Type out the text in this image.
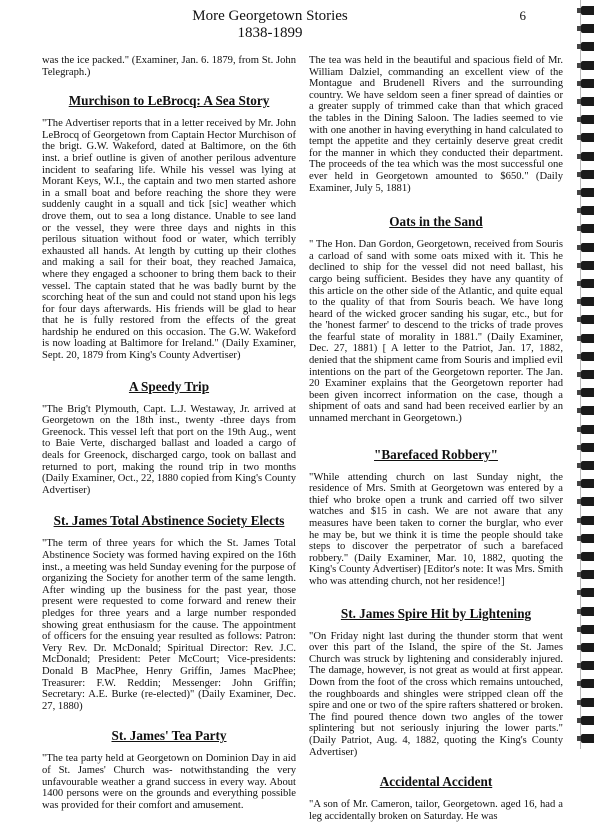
More Georgetown Stories
1838-1899
6

was the ice packed." (Examiner, Jan. 6. 1879, from St. John Telegraph.)

Murchison to LeBrocq: A Sea Story

"The Advertiser reports that in a letter received by Mr. John LeBrocq of Georgetown from Captain Hector Murchison of the brigt. G.W. Wakeford, dated at Baltimore, on the 6th inst. a brief outline is given of another perilous adventure incident to seafaring life. While his vessel was lying at Morant Keys, W.I., the captain and two men started ashore in a small boat and before reaching the shore they were suddenly caught in a squall and tick [sic] weather which drove them, out to sea a long distance. Unable to see land or the vessel, they were three days and nights in this perilous situation without food or water, which terribly exhausted all hands. At length by cutting up their clothes and making a sail for their boat, they reached Jamaica, where they engaged a schooner to bring them back to their vessel. The captain stated that he was badly burnt by the scorching heat of the sun and could not stand upon his legs for four days afterwards. His friends will be glad to hear that he is fully restored from the effects of the great hardship he endured on this occasion. The G.W. Wakeford is now loading at Baltimore for Ireland." (Daily Examiner, Sept. 20, 1879 from King's County Advertiser)

A Speedy Trip

"The Brig't Plymouth, Capt. L.J. Westaway, Jr. arrived at Georgetown on the 18th inst., twenty -three days from Greenock. This vessel left that port on the 19th Aug., went to Baie Verte, discharged ballast and loaded a cargo of deals for Greenock, discharged cargo, took on ballast and returned to port, making the round trip in two months (Daily Examiner, Oct., 22, 1880 copied from King's County Advertiser)

St. James Total Abstinence Society Elects

"The term of three years for which the St. James Total Abstinence Society was formed having expired on the 16th inst., a meeting was held Sunday evening for the purpose of organizing the Society for another term of the same length. After winding up the business for the past year, those present were requested to come forward and renew their pledges for three years and a large number responded showing great enthusiasm for the cause. The appointment of officers for the ensuing year resulted as follows: Patron: Very Rev. Dr. McDonald; Spiritual Director: Rev. J.C. McDonald; President: Peter McCourt; Vice-presidents: Donald B MacPhee, Henry Griffin, James MacPhee; Treasurer: F.W. Reddin; Messenger: John Griffin; Secretary: A.E. Burke (re-elected)" (Daily Examiner, Dec. 27, 1880)

St. James' Tea Party

"The tea party held at Georgetown on Dominion Day in aid of St. James' Church was- notwithstanding the very unfavourable weather a grand success in every way. About 1400 persons were on the grounds and everything possible was provided for their comfort and amusement.

The tea was held in the beautiful and spacious field of Mr. William Dalziel, commanding an excellent view of the Montague and Brudenell Rivers and the surrounding country. We have seldom seen a finer spread of dainties or a greater supply of trimmed cake than that which graced the tables in the Dining Saloon. The ladies seemed to vie with one another in having everything in hand calculated to tempt the appetite and they certainly deserve great credit for the manner in which they conducted their department. The proceeds of the tea which was the most successful one ever held in Georgetown amounted to $650." (Daily Examiner, July 5, 1881)

Oats in the Sand

" The Hon. Dan Gordon, Georgetown, received from Souris a carload of sand with some oats mixed with it. This he declined to ship for the vessel did not need ballast, his cargo being sufficient. Besides they have any quantity of this article on the other side of the Atlantic, and quite equal to the quality of that from Souris beach. We have long heard of the wicked grocer sanding his sugar, etc., but for the 'honest farmer' to descend to the tricks of trade proves the fearful state of morality in 1881." (Daily Examiner, Dec. 27, 1881) [ A letter to the Patriot, Jan. 17, 1882, denied that the shipment came from Souris and implied evil intentions on the part of the Georgetown reporter. The Jan. 20 Examiner explains that the Georgetown reporter had been given incorrect information on the case, though a shipment of oats and sand had been received earlier by an unnamed merchant in Georgetown.)

"Barefaced Robbery"

"While attending church on last Sunday night, the residence of Mrs. Smith at Georgetown was entered by a thief who broke open a trunk and carried off two silver watches and $15 in cash. We are not aware that any measures have been taken to corner the burglar, who ever he may be, but we think it is time the people should take steps to discover the perpetrator of such a barefaced robbery." (Daily Examiner, Mar. 10, 1882, quoting the King's County Advertiser) [Editor's note: It was Mrs. Smith who was attending church, not her residence!]

St. James Spire Hit by Lightening

"On Friday night last during the thunder storm that went over this part of the Island, the spire of the St. James Church was struck by lightening and considerably injured. The damage, however, is not great as would at first appear. Down from the foot of the cross which remains untouched, the roughboards and shingles were stripped clean off the spire and one or two of the spire rafters shattered or broken. The find poured thence down two angles of the tower splintering but not seriously injuring the lower parts." (Daily Patriot, Aug. 4, 1882, quoting the King's County Advertiser)

Accidental Accident

"A son of Mr. Cameron, tailor, Georgetown. aged 16, had a leg accidentally broken on Saturday. He was
